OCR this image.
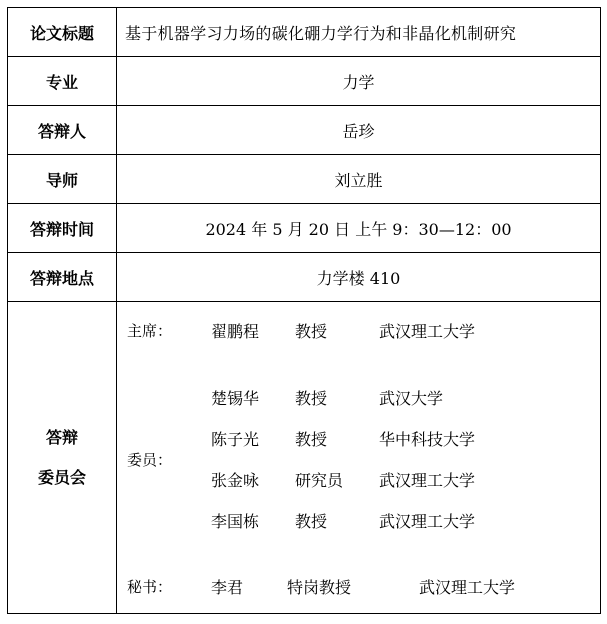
论文标题	基于机器学习力场的碳化硼力学行为和非晶化机制研究
专业	力学
答辩人	岳珍
导师	刘立胜
答辩时间	2024 年 5 月 20 日 上午 9：30—12：00
答辩地点	力学楼 410

答辩
委员会

主席：	翟鹏程	教授	武汉理工大学

委员：	
楚锡华	教授	武汉大学
陈子光	教授	华中科技大学
张金咏	研究员	武汉理工大学
李国栋	教授	武汉理工大学

秘书：	李君	特岗教授	武汉理工大学
